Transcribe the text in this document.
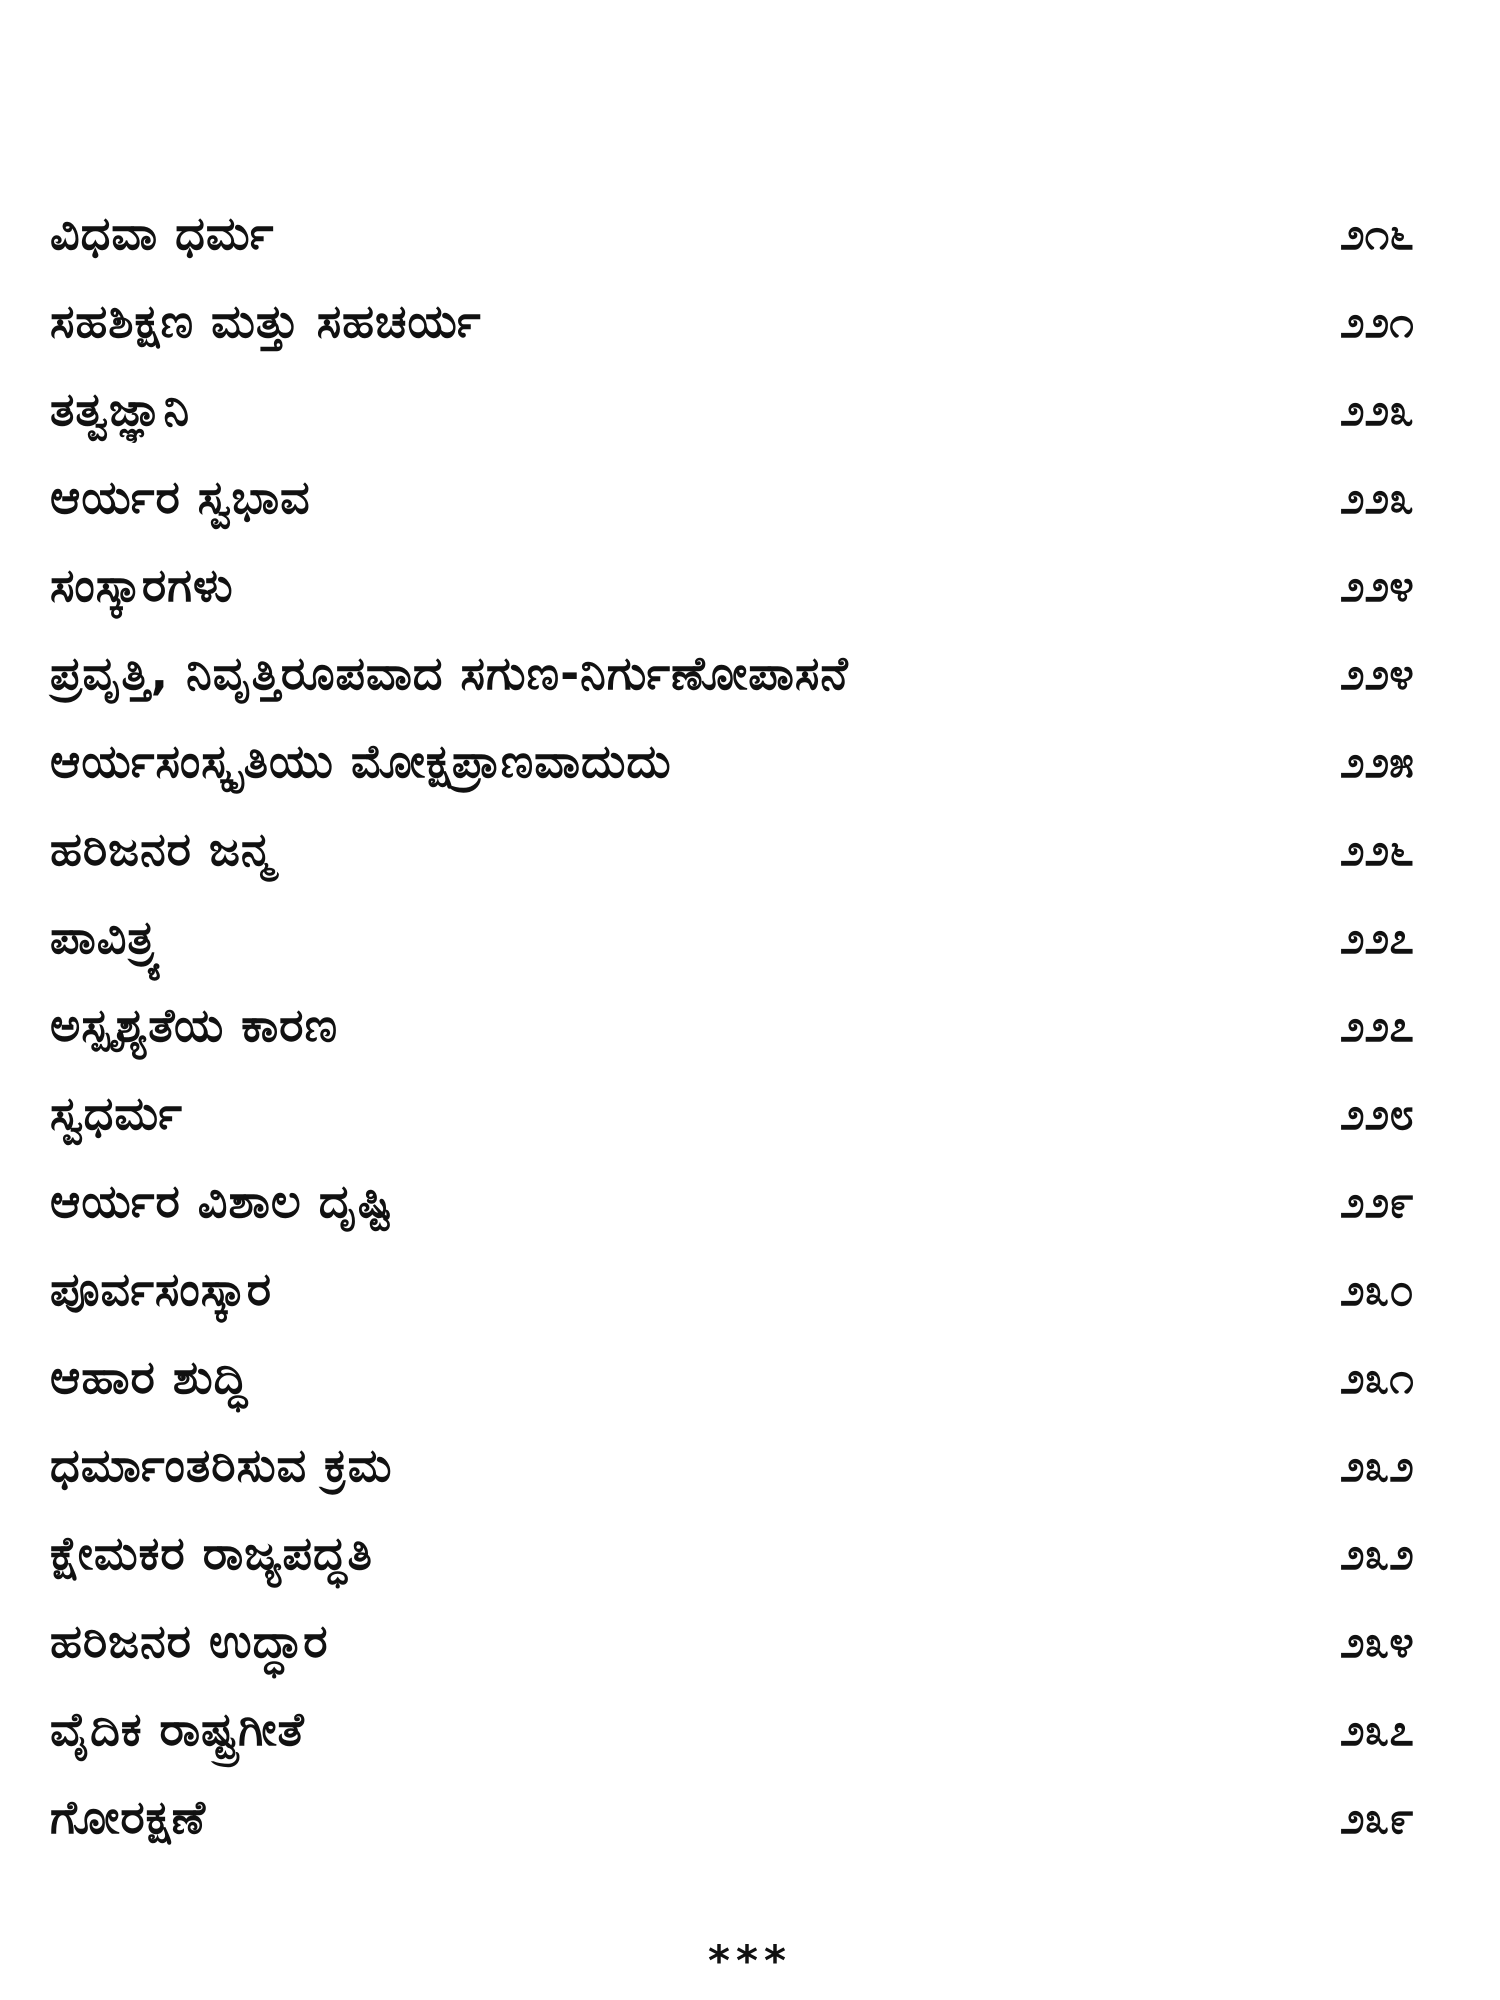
ವಿಧವಾ ಧರ್ಮ	೨೧೬
ಸಹಶಿಕ್ಷಣ ಮತ್ತು ಸಹಚರ್ಯ	೨೨೧
ತತ್ವಜ್ಞಾನಿ	೨೨೩
ಆರ್ಯರ ಸ್ವಭಾವ	೨೨೩
ಸಂಸ್ಕಾರಗಳು	೨೨೪
ಪ್ರವೃತ್ತಿ, ನಿವೃತ್ತಿರೂಪವಾದ ಸಗುಣ-ನಿರ್ಗುಣೋಪಾಸನೆ	೨೨೪
ಆರ್ಯಸಂಸ್ಕೃತಿಯು ಮೋಕ್ಷಪ್ರಾಣವಾದುದು	೨೨೫
ಹರಿಜನರ ಜನ್ಮ	೨೨೬
ಪಾವಿತ್ರ್ಯ	೨೨೭
ಅಸ್ಪೃಶ್ಯತೆಯ ಕಾರಣ	೨೨೭
ಸ್ವಧರ್ಮ	೨೨೮
ಆರ್ಯರ ವಿಶಾಲ ದೃಷ್ಟಿ	೨೨೯
ಪೂರ್ವಸಂಸ್ಕಾರ	೨೩೦
ಆಹಾರ ಶುದ್ಧಿ	೨೩೧
ಧರ್ಮಾಂತರಿಸುವ ಕ್ರಮ	೨೩೨
ಕ್ಷೇಮಕರ ರಾಜ್ಯಪದ್ಧತಿ	೨೩೨
ಹರಿಜನರ ಉದ್ಧಾರ	೨೩೪
ವೈದಿಕ ರಾಷ್ಟ್ರಗೀತೆ	೨೩೭
ಗೋರಕ್ಷಣೆ	೨೩೯
***
